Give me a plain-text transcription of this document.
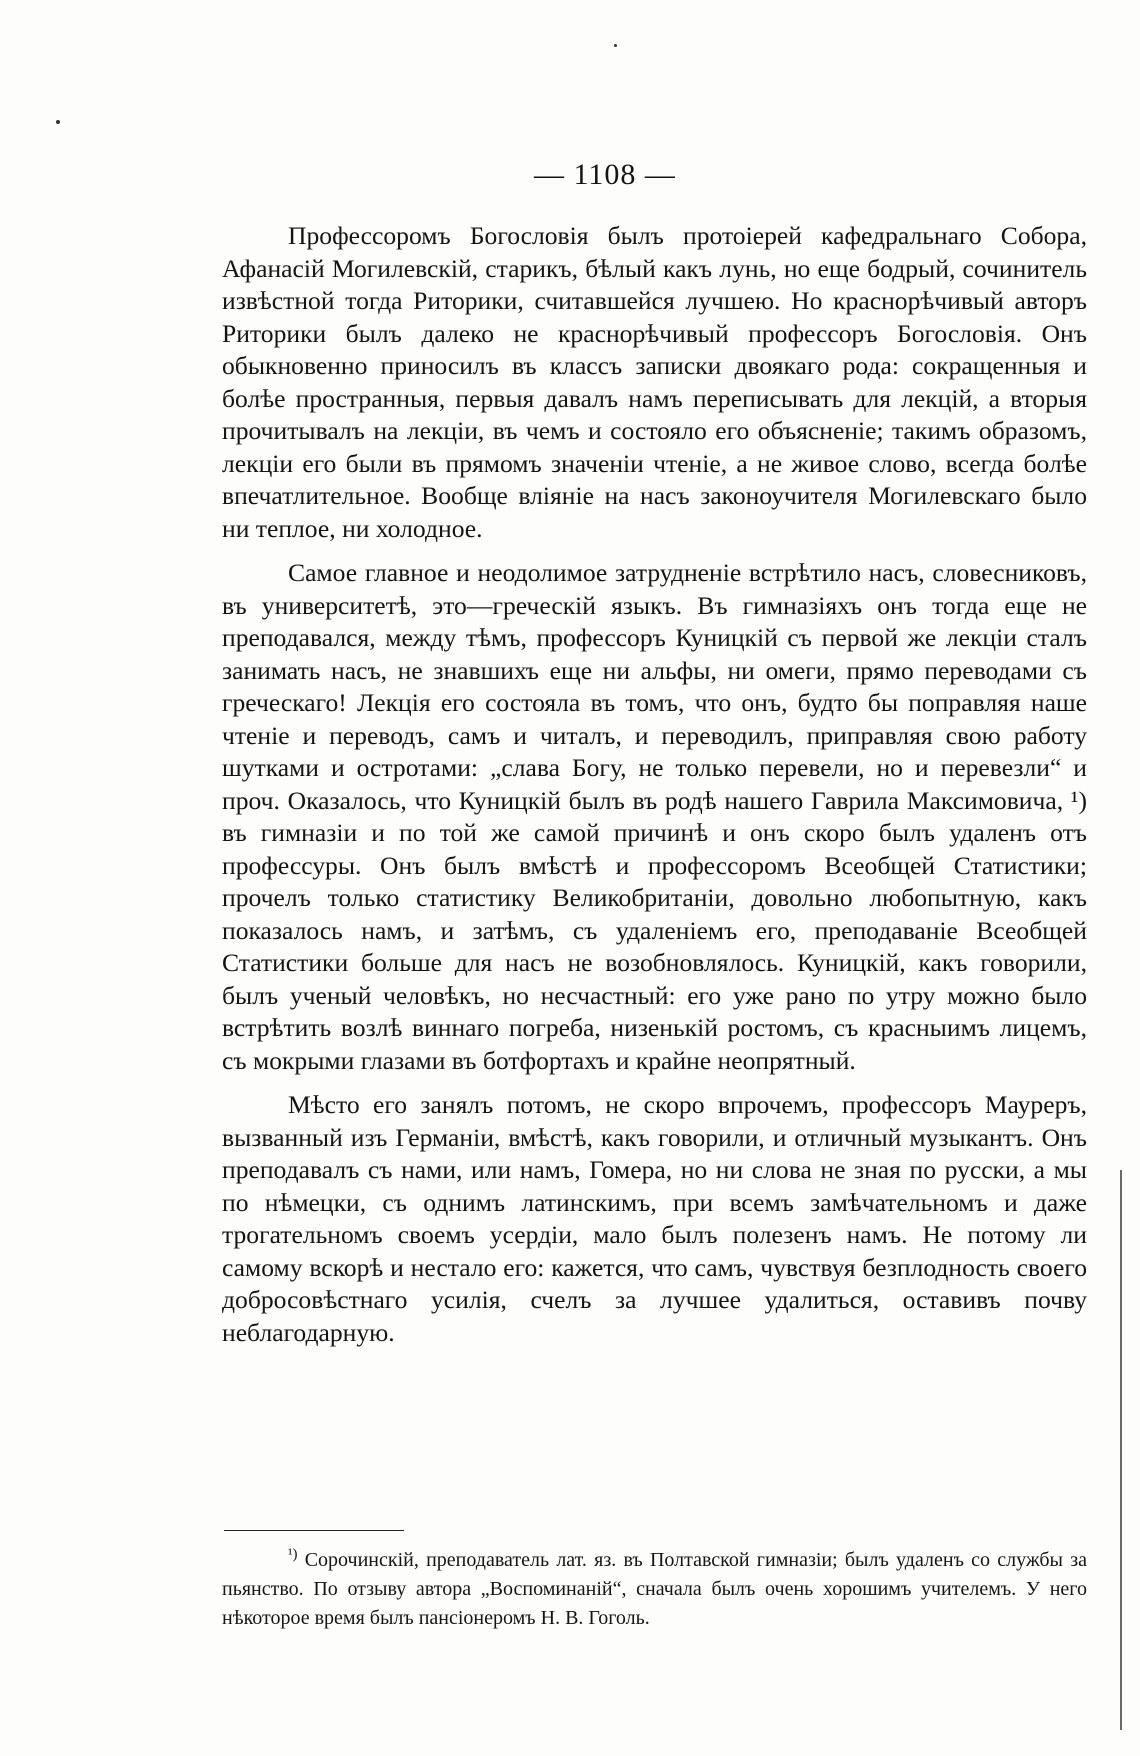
— 1108 —

Профессоромъ Богословія былъ протоіерей кафедральнаго Собора, Афанасій Могилевскій, старикъ, бѣлый какъ лунь, но еще бодрый, сочинитель извѣстной тогда Риторики, считавшейся лучшею. Но краснорѣчивый авторъ Риторики былъ далеко не краснорѣчивый профессоръ Богословія. Онъ обыкновенно приносилъ въ классъ записки двоякаго рода: сокращенныя и болѣе пространныя, первыя давалъ намъ переписывать для лекцій, а вторыя прочитывалъ на лекціи, въ чемъ и состояло его объясненіе; такимъ образомъ, лекціи его были въ прямомъ значеніи чтеніе, а не живое слово, всегда болѣе впечатлительное. Вообще вліяніе на насъ законоучителя Могилевскаго было ни теплое, ни холодное.

Самое главное и неодолимое затрудненіе встрѣтило насъ, словесниковъ, въ университетѣ, это—греческій языкъ. Въ гимназіяхъ онъ тогда еще не преподавался, между тѣмъ, профессоръ Куницкій съ первой же лекціи сталъ занимать насъ, не знавшихъ еще ни альфы, ни омеги, прямо переводами съ греческаго! Лекція его состояла въ томъ, что онъ, будто бы поправляя наше чтеніе и переводъ, самъ и читалъ, и переводилъ, приправляя свою работу шутками и остротами: „слава Богу, не только перевели, но и перевезли“ и проч. Оказалось, что Куницкій былъ въ родѣ нашего Гаврила Максимовича, ¹) въ гимназіи и по той же самой причинѣ и онъ скоро былъ удаленъ отъ профессуры. Онъ былъ вмѣстѣ и профессоромъ Всеобщей Статистики; прочелъ только статистику Великобританіи, довольно любопытную, какъ показалось намъ, и затѣмъ, съ удаленіемъ его, преподаваніе Всеобщей Статистики больше для насъ не возобновлялось. Куницкій, какъ говорили, былъ ученый человѣкъ, но несчастный: его уже рано по утру можно было встрѣтить возлѣ виннаго погреба, низенькій ростомъ, съ красныимъ лицемъ, съ мокрыми глазами въ ботфортахъ и крайне неопрятный.

Мѣсто его занялъ потомъ, не скоро впрочемъ, профессоръ Мауреръ, вызванный изъ Германіи, вмѣстѣ, какъ говорили, и отличный музыкантъ. Онъ преподавалъ съ нами, или намъ, Гомера, но ни слова не зная по русски, а мы по нѣмецки, съ однимъ латинскимъ, при всемъ замѣчательномъ и даже трогательномъ своемъ усердіи, мало былъ полезенъ намъ. Не потому ли самому вскорѣ и нестало его: кажется, что самъ, чувствуя безплодность своего добросовѣстнаго усилія, счелъ за лучшее удалиться, оставивъ почву неблагодарную.

$^{^1)}$ Сорочинскій, преподаватель лат. яз. въ Полтавской гимназіи; былъ удаленъ со службы за пьянство. По отзыву автора „Воспоминаній“, сначала былъ очень хорошимъ учителемъ. У него нѣкоторое время былъ пансіонеромъ Н. В. Гоголь.
